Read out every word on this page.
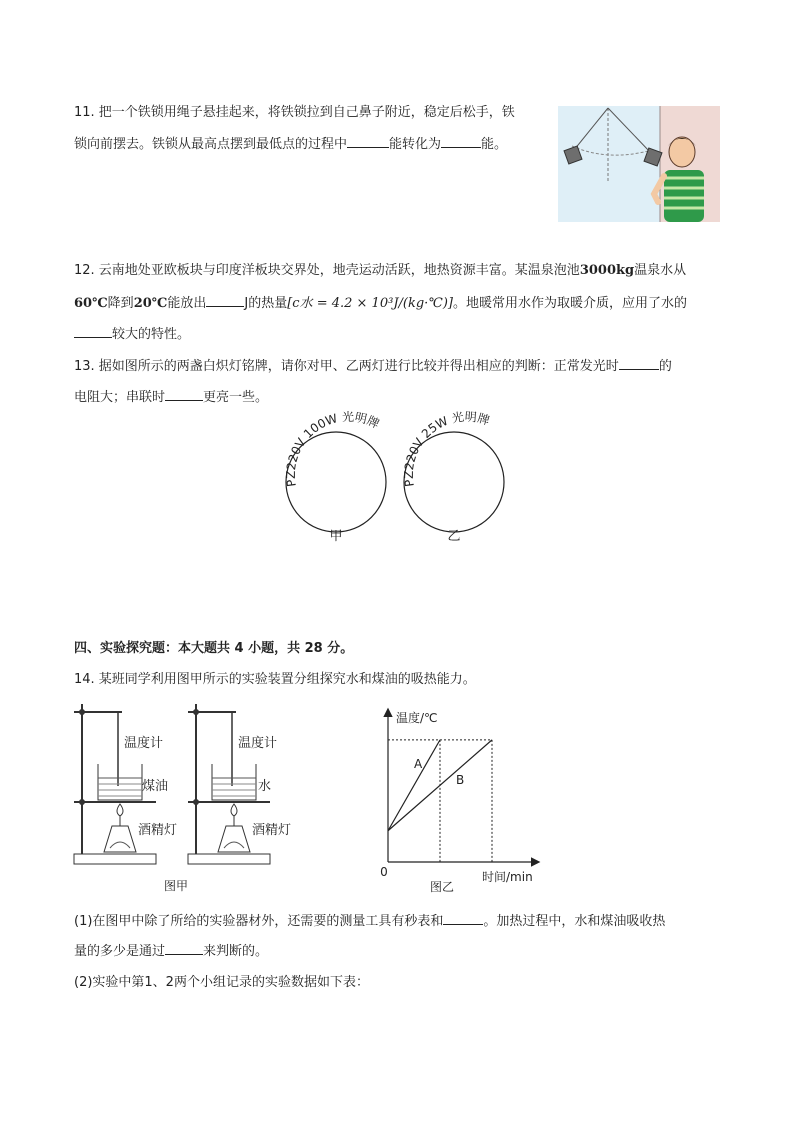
11. 把一个铁锁用绳子悬挂起来，将铁锁拉到自己鼻子附近，稳定后松手，铁
锁向前摆去。铁锁从最高点摆到最低点的过程中	能转化为	能。
12. 云南地处亚欧板块与印度洋板块交界处，地壳运动活跃，地热资源丰富。某温泉泡池3000kg温泉水从
60℃降到20℃能放出	J的热量[c水 = 4.2 × 10³J/(kg·℃)]。地暖常用水作为取暖介质，应用了水的
较大的特性。
13. 据如图所示的两盏白炽灯铭牌，请你对甲、乙两灯进行比较并得出相应的判断：正常发光时	的
电阻大；串联时	更亮一些。
PZ220V 100W 光明牌
PZ220V 25W 光明牌
甲	乙
四、实验探究题：本大题共 4 小题，共 28 分。
14. 某班同学利用图甲所示的实验装置分组探究水和煤油的吸热能力。
温度计
煤油
酒精灯
温度计
水
酒精灯
图甲
温度/℃
时间/min
0
A
B
图乙
(1)在图甲中除了所给的实验器材外，还需要的测量工具有秒表和	。加热过程中，水和煤油吸收热
量的多少是通过	来判断的。
(2)实验中第1、2两个小组记录的实验数据如下表：
